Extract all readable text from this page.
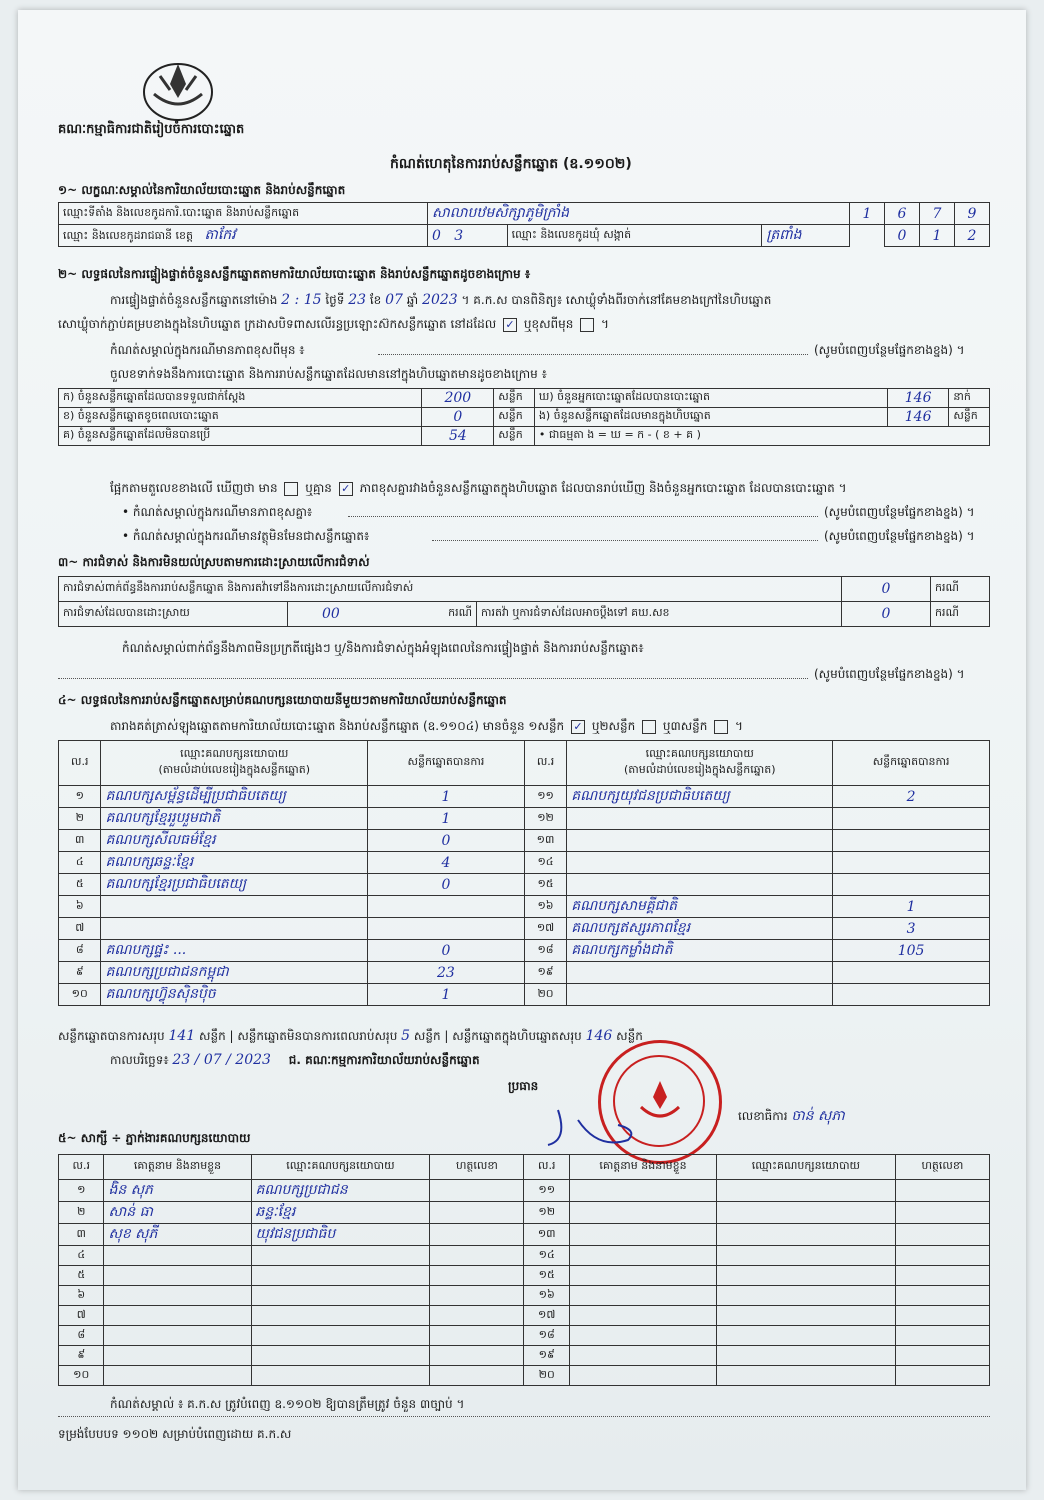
គណៈកម្មាធិការជាតិរៀបចំការបោះឆ្នោត
កំណត់ហេតុនៃការរាប់សន្លឹកឆ្នោត (ឧ.១១០២)
១~ លក្ខណៈសម្គាល់នៃការិយាល័យបោះឆ្នោត និងរាប់សន្លឹកឆ្នោត
ឈ្មោះទីតាំង និងលេខកូដការិ.បោះឆ្នោត និងរាប់សន្លឹកឆ្នោត	សាលាបឋមសិក្សាភូមិក្រាំង			1	6	7	9
ឈ្មោះ និងលេខកូដរាជធានី ខេត្ត តាកែវ	0 3	ឈ្មោះ និងលេខកូដឃុំ សង្កាត់	ត្រពាំង		0	1	2
២~ លទ្ធផលនៃការផ្ទៀងផ្ទាត់ចំនួនសន្លឹកឆ្នោតតាមការិយាល័យបោះឆ្នោត និងរាប់សន្លឹកឆ្នោតដូចខាងក្រោម ៖
ការផ្ទៀងផ្ទាត់ចំនួនសន្លឹកឆ្នោតនៅម៉ោង 2 : 15 ថ្ងៃទី 23 ខែ 07 ឆ្នាំ 2023 ។ គ.ក.ស បានពិនិត្យ៖ សោឃ្លុំទាំងពីរចាក់នៅគែមខាងក្រៅនៃហិបឆ្នោត
សោឃ្លុំចាក់ភ្ជាប់គម្របខាងក្នុងនៃហិបឆ្នោត ក្រដាសបិទពាសលើរន្ធប្រឡោះស៊កសន្លឹកឆ្នោត នៅដដែល ✓ ឬខុសពីមុន  ។
កំណត់សម្គាល់ក្នុងករណីមានភាពខុសពីមុន ៖	(សូមបំពេញបន្ថែមផ្នែកខាងខ្នង) ។
ចួលខទាក់ទងនឹងការបោះឆ្នោត និងការរាប់សន្លឹកឆ្នោតដែលមាននៅក្នុងហិបឆ្នោតមានដូចខាងក្រោម ៖
ក) ចំនួនសន្លឹកឆ្នោតដែលបានទទួលជាក់ស្តែង	200	សន្លឹក	ឃ) ចំនួនអ្នកបោះឆ្នោតដែលបានបោះឆ្នោត	146	នាក់
ខ) ចំនួនសន្លឹកឆ្នោតខូចពេលបោះឆ្នោត	0	សន្លឹក	ង) ចំនួនសន្លឹកឆ្នោតដែលមានក្នុងហិបឆ្នោត	146	សន្លឹក
គ) ចំនួនសន្លឹកឆ្នោតដែលមិនបានប្រើ	54	សន្លឹក	• ជាធម្មតា ង = ឃ = ក - ( ខ + គ )		
ផ្អែកតាមតួលេខខាងលើ ឃើញថា មាន ឬគ្មាន ✓ ភាពខុសគ្នារវាងចំនួនសន្លឹកឆ្នោតក្នុងហិបឆ្នោត ដែលបានរាប់ឃើញ និងចំនួនអ្នកបោះឆ្នោត ដែលបានបោះឆ្នោត ។
• កំណត់សម្គាល់ក្នុងករណីមានភាពខុសគ្នា៖	(សូមបំពេញបន្ថែមផ្នែកខាងខ្នង) ។
• កំណត់សម្គាល់ក្នុងករណីមានវត្ថុមិនមែនជាសន្លឹកឆ្នោត៖	(សូមបំពេញបន្ថែមផ្នែកខាងខ្នង) ។
៣~ ការជំទាស់ និងការមិនយល់ស្របតាមការដោះស្រាយលើការជំទាស់
ការជំទាស់ពាក់ព័ន្ធនឹងការរាប់សន្លឹកឆ្នោត និងការតវ៉ាទៅនឹងការដោះស្រាយលើការជំទាស់			0	ករណី
ការជំទាស់ដែលបានដោះស្រាយ	00 ករណី	ការតវ៉ា ឬការជំទាស់ដែលអាចប្តឹងទៅ គឃ.សខ	0	ករណី
កំណត់សម្គាល់ពាក់ព័ន្ធនឹងភាពមិនប្រក្រតីផ្សេងៗ ឬ/និងការជំទាស់ក្នុងអំឡុងពេលនៃការផ្ទៀងផ្ទាត់ និងការរាប់សន្លឹកឆ្នោត៖
(សូមបំពេញបន្ថែមផ្នែកខាងខ្នង) ។
៤~ លទ្ធផលនៃការរាប់សន្លឹកឆ្នោតសម្រាប់គណបក្សនយោបាយនីមួយៗតាមការិយាល័យរាប់សន្លឹកឆ្នោត
តារាងគត់ត្រាស់ឡុងឆ្នោតតាមការិយាល័យបោះឆ្នោត និងរាប់សន្លឹកឆ្នោត (ឧ.១១០៤) មានចំនួន ១សន្លឹក ✓ ឬ២សន្លឹក ឬ៣សន្លឹក  ។
ល.រ	ឈ្មោះគណបក្សនយោបាយ
(តាមលំដាប់លេខរៀងក្នុងសន្លឹកឆ្នោត)	សន្លឹកឆ្នោតបានការ	ល.រ	ឈ្មោះគណបក្សនយោបាយ
(តាមលំដាប់លេខរៀងក្នុងសន្លឹកឆ្នោត)	សន្លឹកឆ្នោតបានការ
១	គណបក្សសម្ព័ន្ធដើម្បីប្រជាធិបតេយ្យ	1	១១	គណបក្សយុវជនប្រជាធិបតេយ្យ	2
២	គណបក្សខ្មែររួបរួមជាតិ	1	១២		
៣	គណបក្សសីលធម៌ខ្មែរ	0	១៣		
៤	គណបក្សឆន្ទៈខ្មែរ	4	១៤		
៥	គណបក្សខ្មែរប្រជាធិបតេយ្យ	0	១៥		
៦			១៦	គណបក្សសាមគ្គីជាតិ	1
៧			១៧	គណបក្សឥស្សរភាពខ្មែរ	3
៨	គណបក្សផ្ទះ ...	0	១៨	គណបក្សកម្លាំងជាតិ	105
៩	គណបក្សប្រជាជនកម្ពុជា	23	១៩		
១០	គណបក្សហ៊្វុនស៊ិនប៉ិច	1	២០		
សន្លឹកឆ្នោតបានការសរុប 141 សន្លឹក | សន្លឹកឆ្នោតមិនបានការពេលរាប់សរុប 5 សន្លឹក | សន្លឹកឆ្នោតក្នុងហិបឆ្នោតសរុប 146 សន្លឹក
កាលបរិច្ឆេទ៖ 23 / 07 / 2023 ជ. គណៈកម្មការការិយាល័យរាប់សន្លឹកឆ្នោត
ប្រធាន
លេខាធិការ ចាន់ សុភា
៥~ សាក្សី ÷ ភ្នាក់ងារគណបក្សនយោបាយ
ល.រ	គោត្តនាម និងនាមខ្លួន	ឈ្មោះគណបក្សនយោបាយ	ហត្ថលេខា	ល.រ	គោត្តនាម និងនាមខ្លួន	ឈ្មោះគណបក្សនយោបាយ	ហត្ថលេខា
១	ងិន សុភ	គណបក្សប្រជាជន		១១			
២	សាន់ ធា	ឆន្ទៈខ្មែរ		១២			
៣	សុខ សុភី	យុវជនប្រជាធិប		១៣			
៤				១៤			
៥				១៥			
៦				១៦			
៧				១៧			
៨				១៨			
៩				១៩			
១០				២០			
កំណត់សម្គាល់ ៖ គ.ក.ស ត្រូវបំពេញ ឧ.១១០២ ឱ្យបានត្រឹមត្រូវ ចំនួន ៣ច្បាប់ ។
ទម្រង់បែបបទ ១១០២ សម្រាប់បំពេញដោយ គ.ក.ស
